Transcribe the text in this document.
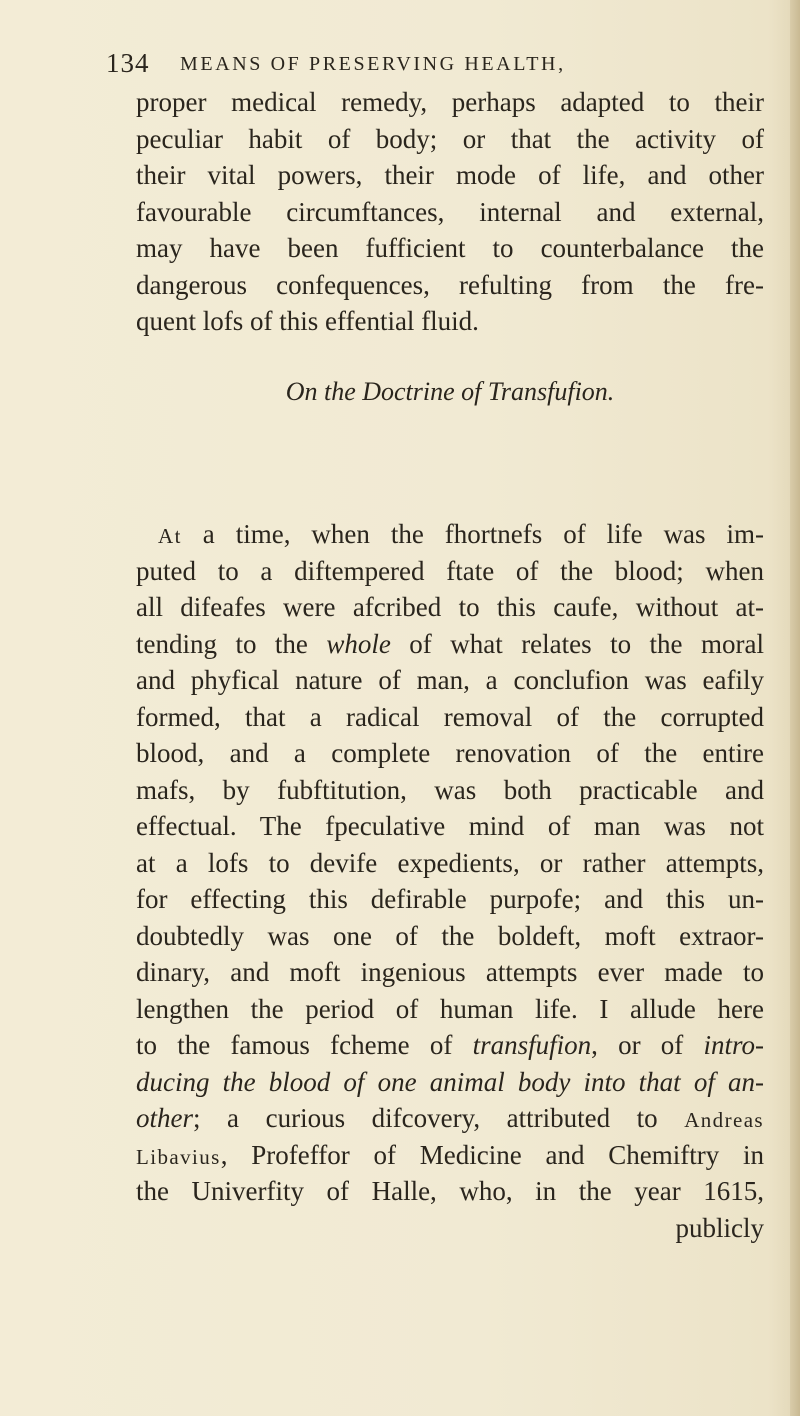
134 MEANS OF PRESERVING HEALTH,
proper medical remedy, perhaps adapted to their
peculiar habit of body; or that the activity of
their vital powers, their mode of life, and other
favourable circumftances, internal and external,
may have been fufficient to counterbalance the
dangerous confequences, refulting from the fre-
quent lofs of this effential fluid.
On the Doctrine of Transfufion.
At a time, when the fhortnefs of life was im-
puted to a diftempered ftate of the blood; when
all difeafes were afcribed to this caufe, without at-
tending to the whole of what relates to the moral
and phyfical nature of man, a conclufion was eafily
formed, that a radical removal of the corrupted
blood, and a complete renovation of the entire
mafs, by fubftitution, was both practicable and
effectual. The fpeculative mind of man was not
at a lofs to devife expedients, or rather attempts,
for effecting this defirable purpofe; and this un-
doubtedly was one of the boldeft, moft extraor-
dinary, and moft ingenious attempts ever made to
lengthen the period of human life. I allude here
to the famous fcheme of transfufion, or of intro-
ducing the blood of one animal body into that of an-
other; a curious difcovery, attributed to Andreas
Libavius, Profeffor of Medicine and Chemiftry in
the Univerfity of Halle, who, in the year 1615,
publicly
